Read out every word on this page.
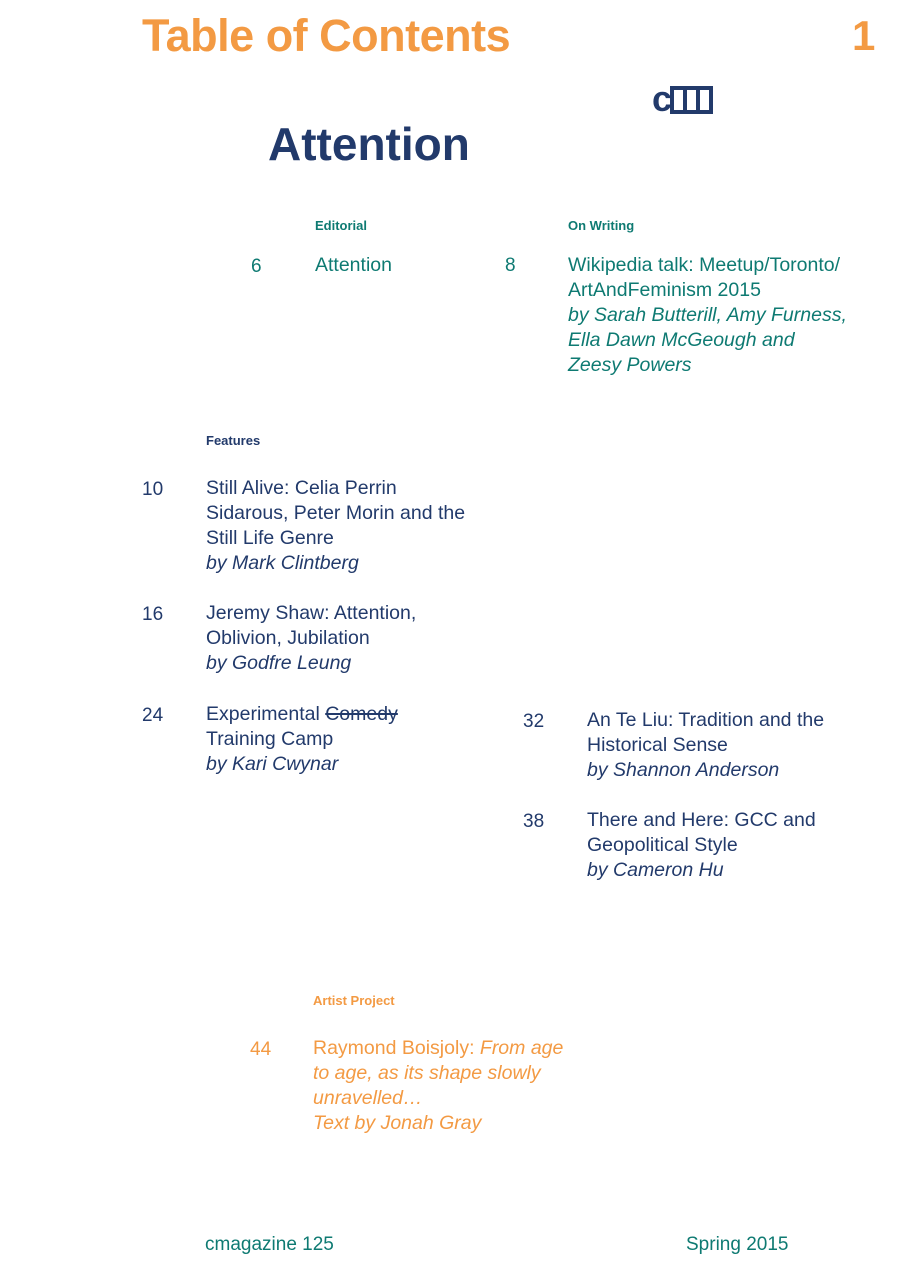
Table of Contents	1
c
Attention
Editorial
6	Attention
On Writing
8	Wikipedia talk: Meetup/Toronto/
ArtAndFeminism 2015
by Sarah Butterill, Amy Furness,
Ella Dawn McGeough and
Zeesy Powers
Features
10 Still Alive: Celia Perrin
Sidarous, Peter Morin and the
Still Life Genre
by Mark Clintberg
16 Jeremy Shaw: Attention,
Oblivion, Jubilation
by Godfre Leung
24 Experimental Comedy
Training Camp
by Kari Cwynar
32 An Te Liu: Tradition and the
Historical Sense
by Shannon Anderson
38 There and Here: GCC and
Geopolitical Style
by Cameron Hu
Artist Project
44 Raymond Boisjoly: From age
to age, as its shape slowly
unravelled…
Text by Jonah Gray
cmagazine 125	Spring 2015
